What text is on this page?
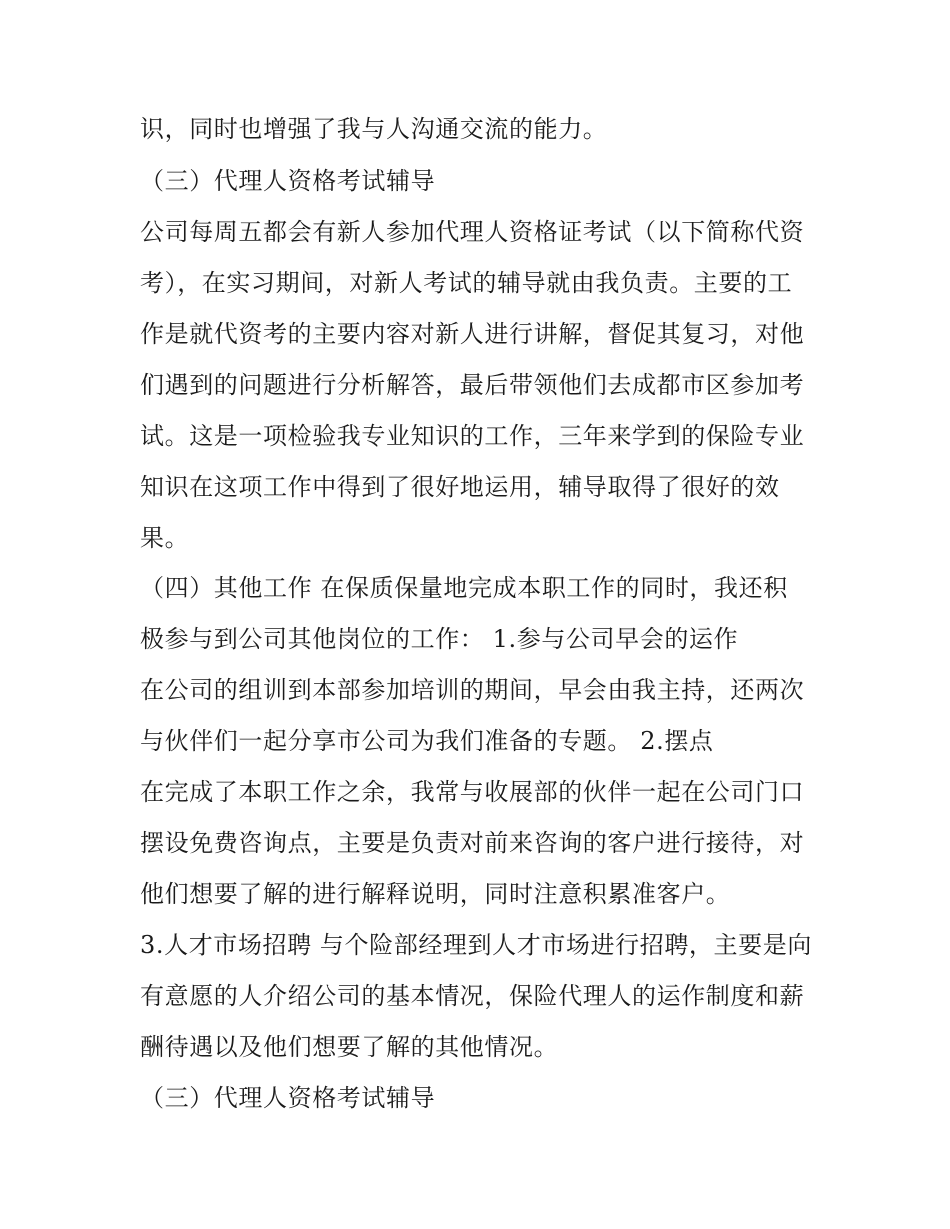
识，同时也增强了我与人沟通交流的能力。

（三）代理人资格考试辅导

公司每周五都会有新人参加代理人资格证考试（以下简称代资

考），在实习期间，对新人考试的辅导就由我负责。主要的工

作是就代资考的主要内容对新人进行讲解，督促其复习，对他

们遇到的问题进行分析解答，最后带领他们去成都市区参加考

试。这是一项检验我专业知识的工作，三年来学到的保险专业

知识在这项工作中得到了很好地运用，辅导取得了很好的效

果。

（四）其他工作 在保质保量地完成本职工作的同时，我还积

极参与到公司其他岗位的工作： 1.参与公司早会的运作

在公司的组训到本部参加培训的期间，早会由我主持，还两次

与伙伴们一起分享市公司为我们准备的专题。 2.摆点

在完成了本职工作之余，我常与收展部的伙伴一起在公司门口

摆设免费咨询点，主要是负责对前来咨询的客户进行接待，对

他们想要了解的进行解释说明，同时注意积累准客户。

3.人才市场招聘 与个险部经理到人才市场进行招聘，主要是向

有意愿的人介绍公司的基本情况，保险代理人的运作制度和薪

酬待遇以及他们想要了解的其他情况。

（三）代理人资格考试辅导
